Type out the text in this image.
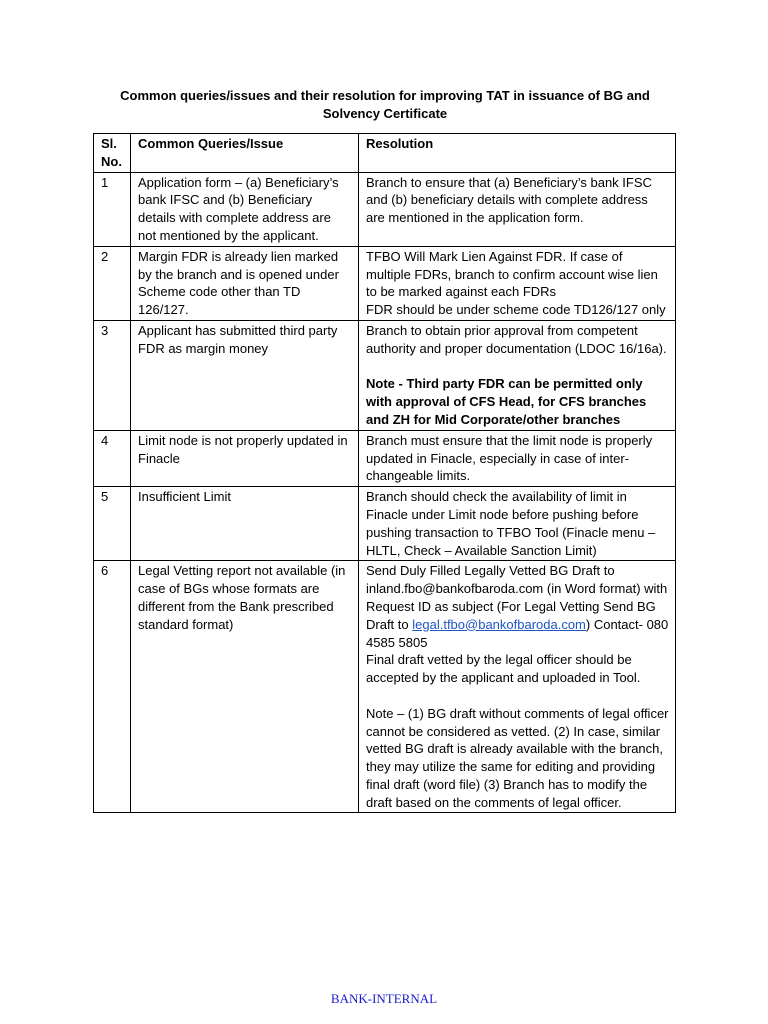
Common queries/issues and their resolution for improving TAT in issuance of BG and
Solvency Certificate
Sl. No.	Common Queries/Issue	Resolution
1	Application form – (a) Beneficiary’s bank IFSC and (b) Beneficiary details with complete address are not mentioned by the applicant.	Branch to ensure that (a) Beneficiary’s bank IFSC and (b) beneficiary details with complete address are mentioned in the application form.
2	Margin FDR is already lien marked by the branch and is opened under Scheme code other than TD 126/127.	TFBO Will Mark Lien Against FDR. If case of multiple FDRs, branch to confirm account wise lien to be marked against each FDRs
FDR should be under scheme code TD126/127 only

3	Applicant has submitted third party FDR as margin money	Branch to obtain prior approval from competent authority and proper documentation (LDOC 16/16a).
Note - Third party FDR can be permitted only with approval of CFS Head, for CFS branches and ZH for Mid Corporate/other branches

4	Limit node is not properly updated in Finacle	Branch must ensure that the limit node is properly updated in Finacle, especially in case of inter-changeable limits.
5	Insufficient Limit	Branch should check the availability of limit in Finacle under Limit node before pushing before pushing transaction to TFBO Tool (Finacle menu – HLTL, Check – Available Sanction Limit)
6	Legal Vetting report not available (in case of BGs whose formats are different from the Bank prescribed standard format)	Send Duly Filled Legally Vetted BG Draft to inland.fbo@bankofbaroda.com (in Word format) with Request ID as subject (For Legal Vetting Send BG Draft to legal.tfbo@bankofbaroda.com) Contact- 080 4585 5805
Final draft vetted by the legal officer should be accepted by the applicant and uploaded in Tool.
Note – (1) BG draft without comments of legal officer cannot be considered as vetted. (2) In case, similar vetted BG draft is already available with the branch, they may utilize the same for editing and providing final draft (word file) (3) Branch has to modify the draft based on the comments of legal officer.
BANK-INTERNAL
